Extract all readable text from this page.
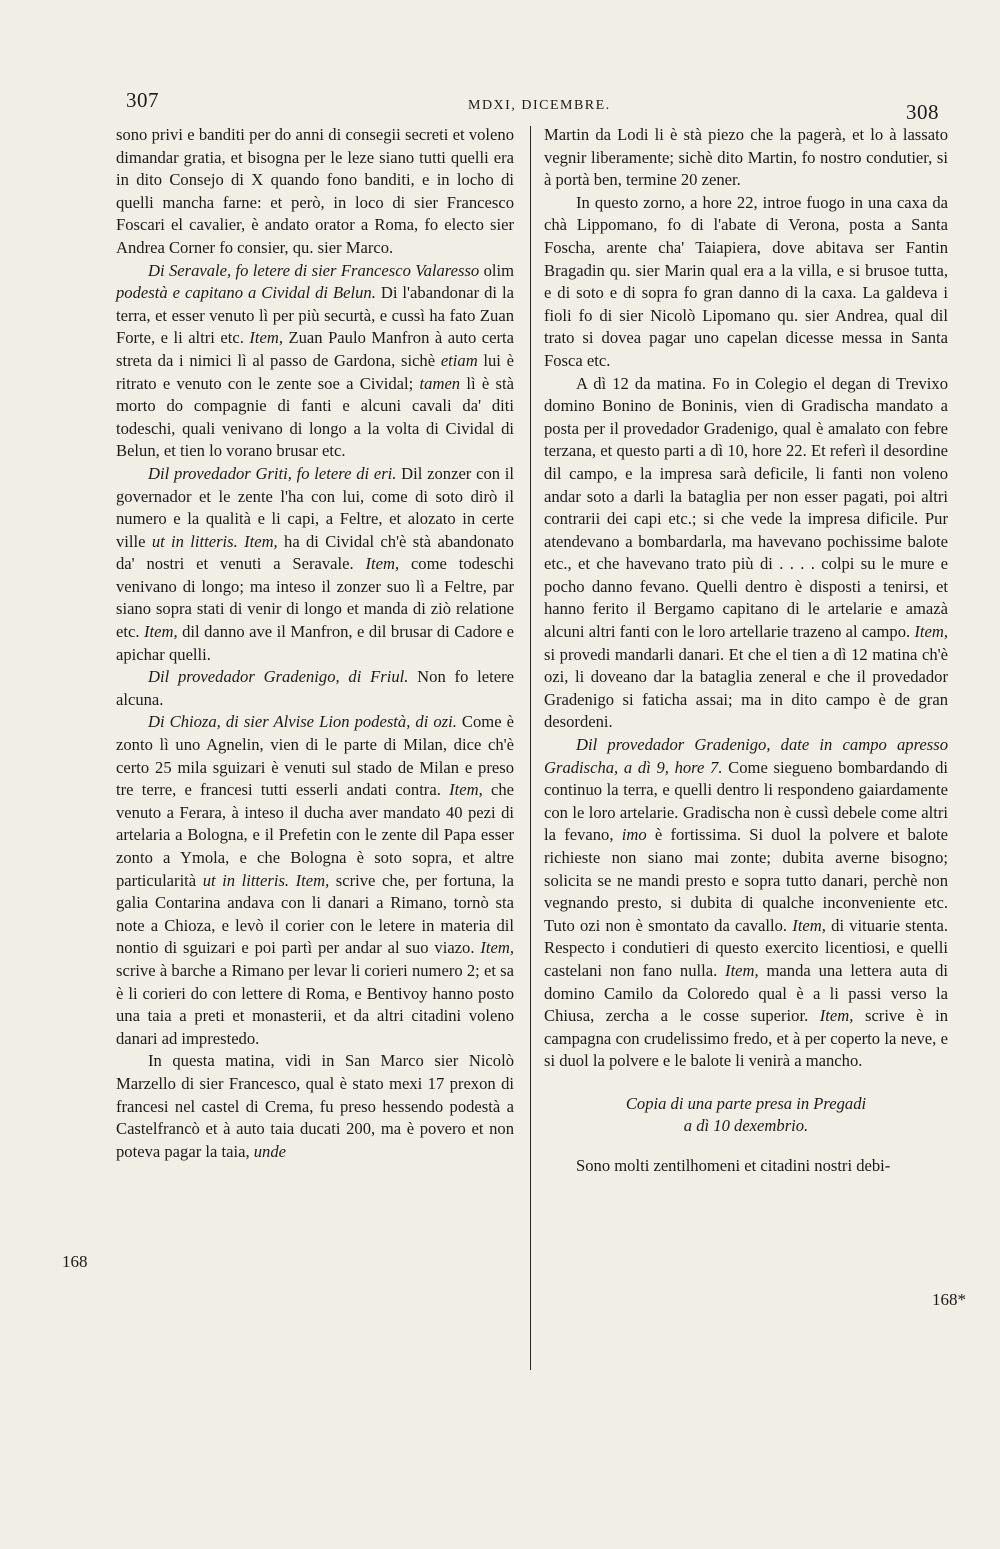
307	MDXI, DICEMBRE.	308
168
168*

sono privi e banditi per do anni di consegii secreti et voleno dimandar gratia, et bisogna per le leze siano tutti quelli era in dito Consejo di X quando fono banditi, e in locho di quelli mancha farne: et però, in loco di sier Francesco Foscari el cavalier, è andato orator a Roma, fo electo sier Andrea Corner fo consier, qu. sier Marco.

Di Seravale, fo letere di sier Francesco Valaresso olim podestà e capitano a Cividal di Belun. Di l'abandonar di la terra, et esser venuto lì per più securtà, e cussì ha fato Zuan Forte, e li altri etc. Item, Zuan Paulo Manfron à auto certa streta da i nimici lì al passo de Gardona, sichè etiam lui è ritrato e venuto con le zente soe a Cividal; tamen lì è stà morto do compagnie di fanti e alcuni cavali da' diti todeschi, quali venivano di longo a la volta di Cividal di Belun, et tien lo vorano brusar etc.

Dil provedador Griti, fo letere di eri. Dil zonzer con il governador et le zente l'ha con lui, come di soto dirò il numero e la qualità e li capi, a Feltre, et alozato in certe ville ut in litteris. Item, ha di Cividal ch'è stà abandonato da' nostri et venuti a Seravale. Item, come todeschi venivano di longo; ma inteso il zonzer suo lì a Feltre, par siano sopra stati di venir di longo et manda di ziò relatione etc. Item, dil danno ave il Manfron, e dil brusar di Cadore e apichar quelli.

Dil provedador Gradenigo, di Friul. Non fo letere alcuna.

Di Chioza, di sier Alvise Lion podestà, di ozi. Come è zonto lì uno Agnelin, vien di le parte di Milan, dice ch'è certo 25 mila sguizari è venuti sul stado de Milan e preso tre terre, e francesi tutti esserli andati contra. Item, che venuto a Ferara, à inteso il ducha aver mandato 40 pezi di artelaria a Bologna, e il Prefetin con le zente dil Papa esser zonto a Ymola, e che Bologna è soto sopra, et altre particularità ut in litteris. Item, scrive che, per fortuna, la galia Contarina andava con li danari a Rimano, tornò sta note a Chioza, e levò il corier con le letere in materia dil nontio di sguizari e poi partì per andar al suo viazo. Item, scrive à barche a Rimano per levar li corieri numero 2; et sa è li corieri do con lettere di Roma, e Bentivoy hanno posto una taia a preti et monasterii, et da altri citadini voleno danari ad imprestedo.

In questa matina, vidi in San Marco sier Nicolò Marzello di sier Francesco, qual è stato mexi 17 prexon di francesi nel castel di Crema, fu preso hessendo podestà a Castelfrancò et à auto taia ducati 200, ma è povero et non poteva pagar la taia, unde

Martin da Lodi li è stà piezo che la pagerà, et lo à lassato vegnir liberamente; sichè dito Martin, fo nostro condutier, si à portà ben, termine 20 zener.

In questo zorno, a hore 22, introe fuogo in una caxa da chà Lippomano, fo di l'abate di Verona, posta a Santa Foscha, arente cha' Taiapiera, dove abitava ser Fantin Bragadin qu. sier Marin qual era a la villa, e si brusoe tutta, e di soto e di sopra fo gran danno di la caxa. La galdeva i fioli fo di sier Nicolò Lipomano qu. sier Andrea, qual dil trato si dovea pagar uno capelan dicesse messa in Santa Fosca etc.

A dì 12 da matina. Fo in Colegio el degan di Trevixo domino Bonino de Boninis, vien di Gradischa mandato a posta per il provedador Gradenigo, qual è amalato con febre terzana, et questo parti a dì 10, hore 22. Et referì il desordine dil campo, e la impresa sarà deficile, li fanti non voleno andar soto a darli la bataglia per non esser pagati, poi altri contrarii dei capi etc.; si che vede la impresa dificile. Pur atendevano a bombardarla, ma havevano pochissime balote etc., et che havevano trato più di . . . . colpi su le mure e pocho danno fevano. Quelli dentro è disposti a tenirsi, et hanno ferito il Bergamo capitano di le artelarie e amazà alcuni altri fanti con le loro artellarie trazeno al campo. Item, si provedi mandarli danari. Et che el tien a dì 12 matina ch'è ozi, li doveano dar la bataglia zeneral e che il provedador Gradenigo si faticha assai; ma in dito campo è de gran desordeni.

Dil provedador Gradenigo, date in campo apresso Gradischa, a dì 9, hore 7. Come siegueno bombardando di continuo la terra, e quelli dentro li respondeno gaiardamente con le loro artelarie. Gradischa non è cussì debele come altri la fevano, imo è fortissima. Si duol la polvere et balote richieste non siano mai zonte; dubita averne bisogno; solicita se ne mandi presto e sopra tutto danari, perchè non vegnando presto, si dubita di qualche inconveniente etc. Tuto ozi non è smontato da cavallo. Item, di vituarie stenta. Respecto i condutieri di questo exercito licentiosi, e quelli castelani non fano nulla. Item, manda una lettera auta di domino Camilo da Coloredo qual è a li passi verso la Chiusa, zercha a le cosse superior. Item, scrive è in campagna con crudelissimo fredo, et à per coperto la neve, e si duol la polvere e le balote li venirà a mancho.

Copia di una parte presa in Pregadi
a dì 10 dexembrio.

Sono molti zentilhomeni et citadini nostri debi-
